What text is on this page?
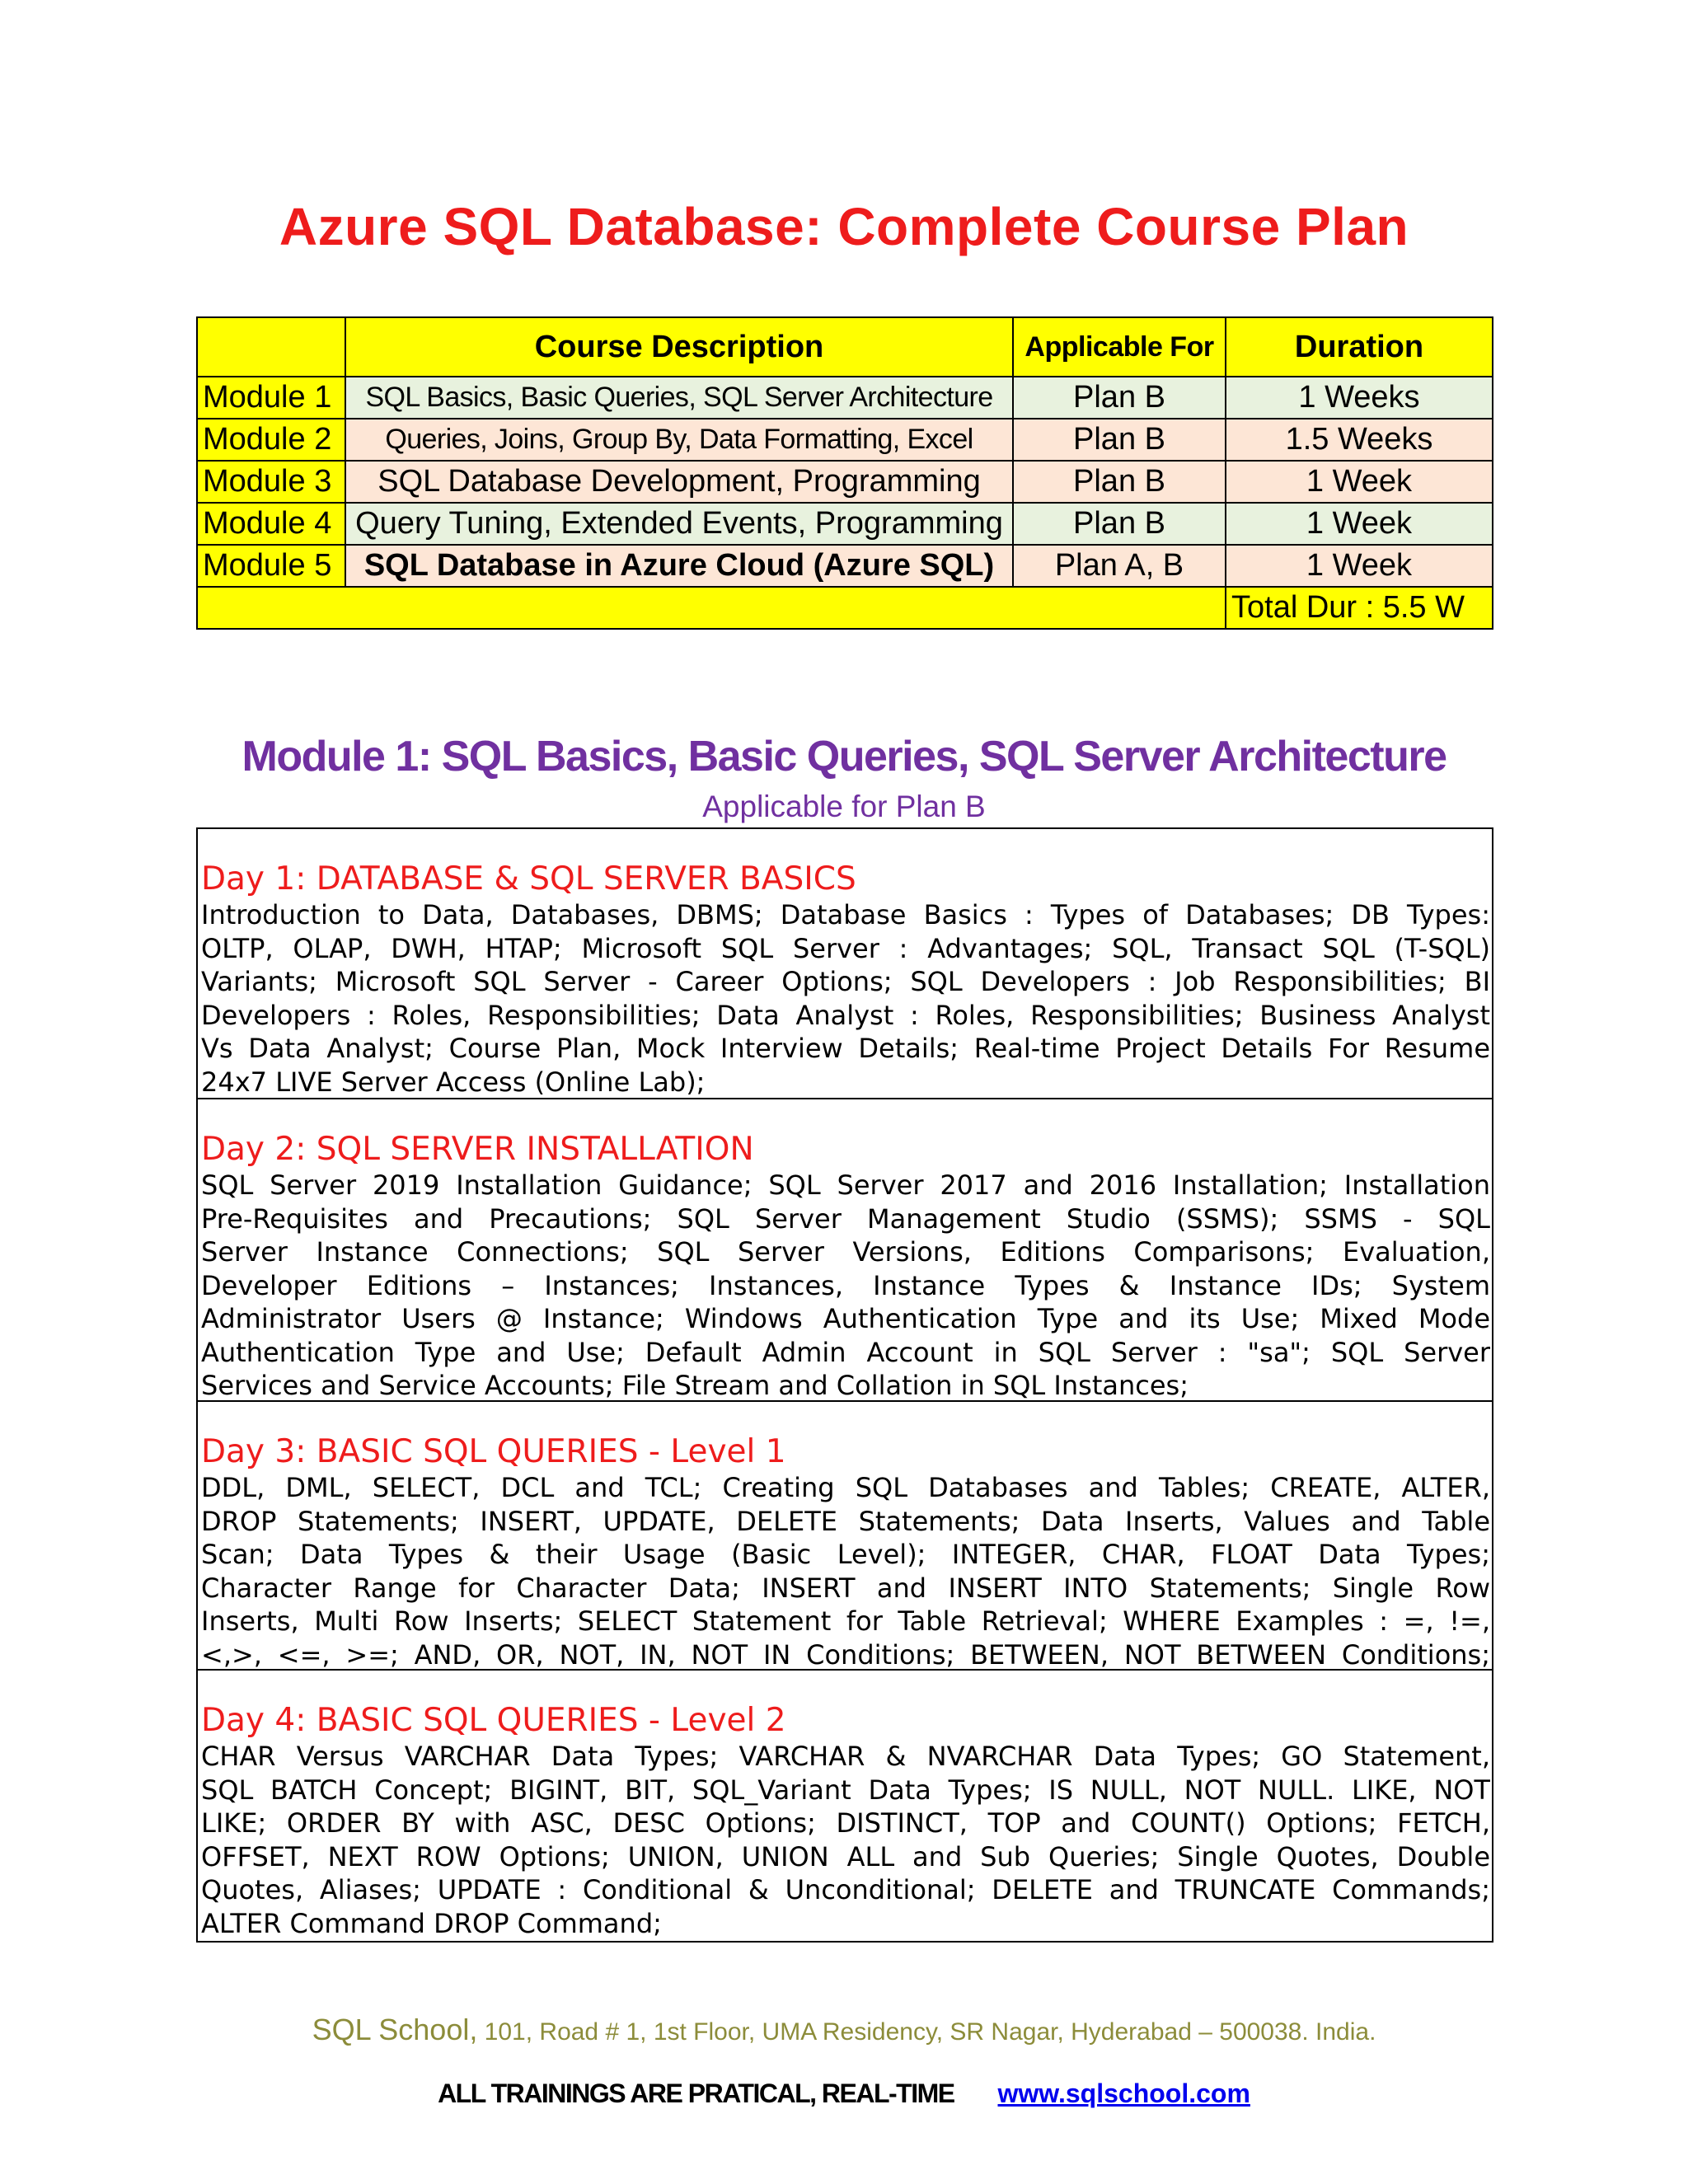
Azure SQL Database: Complete Course Plan
	Course Description	Applicable For	Duration
Module 1	SQL Basics, Basic Queries, SQL Server Architecture	Plan B	1 Weeks
Module 2	Queries, Joins, Group By, Data Formatting, Excel	Plan B	1.5 Weeks
Module 3	SQL Database Development, Programming	Plan B	1 Week
Module 4	Query Tuning, Extended Events, Programming	Plan B	1 Week
Module 5	SQL Database in Azure Cloud (Azure SQL)	Plan A, B	1 Week
			Total Dur : 5.5 W
Module 1: SQL Basics, Basic Queries, SQL Server Architecture
Applicable for Plan B
Day 1: DATABASE & SQL SERVER BASICS
Introduction to Data, Databases, DBMS; Database Basics : Types of Databases; DB Types:
OLTP, OLAP, DWH, HTAP; Microsoft SQL Server : Advantages; SQL, Transact SQL (T-SQL)
Variants; Microsoft SQL Server - Career Options; SQL Developers : Job Responsibilities; BI
Developers : Roles, Responsibilities; Data Analyst : Roles, Responsibilities; Business Analyst
Vs Data Analyst; Course Plan, Mock Interview Details; Real-time Project Details For Resume
24x7 LIVE Server Access (Online Lab);
Day 2: SQL SERVER INSTALLATION
SQL Server 2019 Installation Guidance; SQL Server 2017 and 2016 Installation; Installation
Pre-Requisites and Precautions; SQL Server Management Studio (SSMS); SSMS - SQL
Server Instance Connections; SQL Server Versions, Editions Comparisons; Evaluation,
Developer Editions – Instances; Instances, Instance Types & Instance IDs; System
Administrator Users @ Instance; Windows Authentication Type and its Use; Mixed Mode
Authentication Type and Use; Default Admin Account in SQL Server : "sa"; SQL Server
Services and Service Accounts; File Stream and Collation in SQL Instances;
Day 3: BASIC SQL QUERIES - Level 1
DDL, DML, SELECT, DCL and TCL; Creating SQL Databases and Tables; CREATE, ALTER,
DROP Statements; INSERT, UPDATE, DELETE Statements; Data Inserts, Values and Table
Scan; Data Types & their Usage (Basic Level); INTEGER, CHAR, FLOAT Data Types;
Character Range for Character Data; INSERT and INSERT INTO Statements; Single Row
Inserts, Multi Row Inserts; SELECT Statement for Table Retrieval; WHERE Examples : =, !=,
<,>, <=, >=; AND, OR, NOT, IN, NOT IN Conditions; BETWEEN, NOT BETWEEN Conditions;
Day 4: BASIC SQL QUERIES - Level 2
CHAR Versus VARCHAR Data Types; VARCHAR & NVARCHAR Data Types; GO Statement,
SQL BATCH Concept; BIGINT, BIT, SQL_Variant Data Types; IS NULL, NOT NULL. LIKE, NOT
LIKE; ORDER BY with ASC, DESC Options; DISTINCT, TOP and COUNT() Options; FETCH,
OFFSET, NEXT ROW Options; UNION, UNION ALL and Sub Queries; Single Quotes, Double
Quotes, Aliases; UPDATE : Conditional & Unconditional; DELETE and TRUNCATE Commands;
ALTER Command DROP Command;
SQL School, 101, Road # 1, 1st Floor, UMA Residency, SR Nagar, Hyderabad – 500038. India.
ALL TRAININGS ARE PRATICAL, REAL-TIME www.sqlschool.com
